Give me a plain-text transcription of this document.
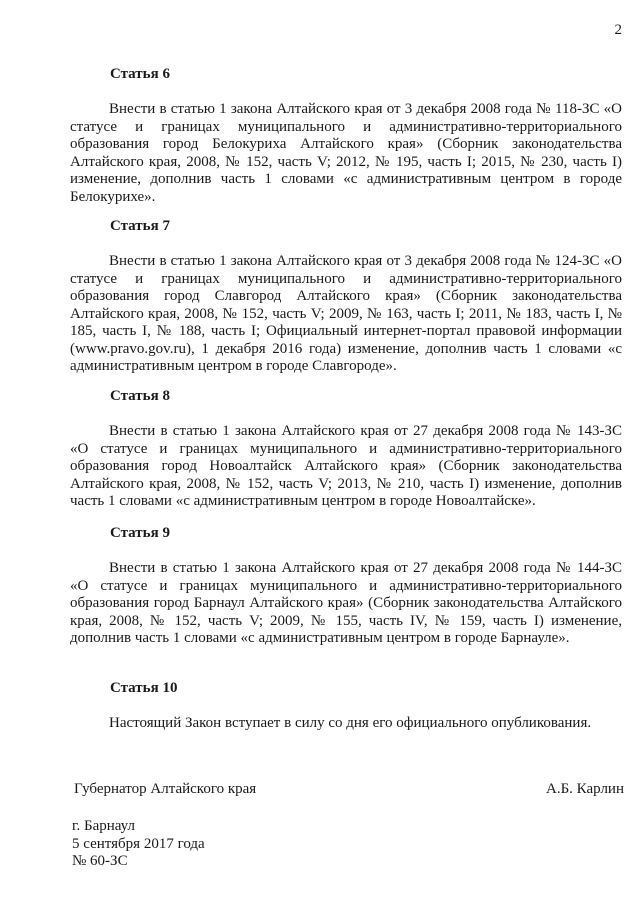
2
Статья 6
Внести в статью 1 закона Алтайского края от 3 декабря 2008 года № 118-ЗС «О статусе и границах муниципального и административно-территориального образования город Белокуриха Алтайского края» (Сборник законодательства Алтайского края, 2008, № 152, часть V; 2012, № 195, часть I; 2015, № 230, часть I) изменение, дополнив часть 1 словами «с административным центром в городе Белокурихе».
Статья 7
Внести в статью 1 закона Алтайского края от 3 декабря 2008 года № 124-ЗС «О статусе и границах муниципального и административно-территориального образования город Славгород Алтайского края» (Сборник законодательства Алтайского края, 2008, № 152, часть V; 2009, № 163, часть I; 2011, № 183, часть I, № 185, часть I, № 188, часть I; Официальный интернет-портал правовой информации (www.pravo.gov.ru), 1 декабря 2016 года) изменение, дополнив часть 1 словами «с административным центром в городе Славгороде».
Статья 8
Внести в статью 1 закона Алтайского края от 27 декабря 2008 года № 143-ЗС «О статусе и границах муниципального и административно-территориального образования город Новоалтайск Алтайского края» (Сборник законодательства Алтайского края, 2008, № 152, часть V; 2013, № 210, часть I) изменение, дополнив часть 1 словами «с административным центром в городе Новоалтайске».
Статья 9
Внести в статью 1 закона Алтайского края от 27 декабря 2008 года № 144-ЗС «О статусе и границах муниципального и административно-территориального образования город Барнаул Алтайского края» (Сборник законодательства Алтайского края, 2008, № 152, часть V; 2009, № 155, часть IV, № 159, часть I) изменение, дополнив часть 1 словами «с административным центром в городе Барнауле».
Статья 10
Настоящий Закон вступает в силу со дня его официального опубликования.
Губернатор Алтайского края	А.Б. Карлин
г. Барнаул
5 сентября 2017 года
№ 60-ЗС
